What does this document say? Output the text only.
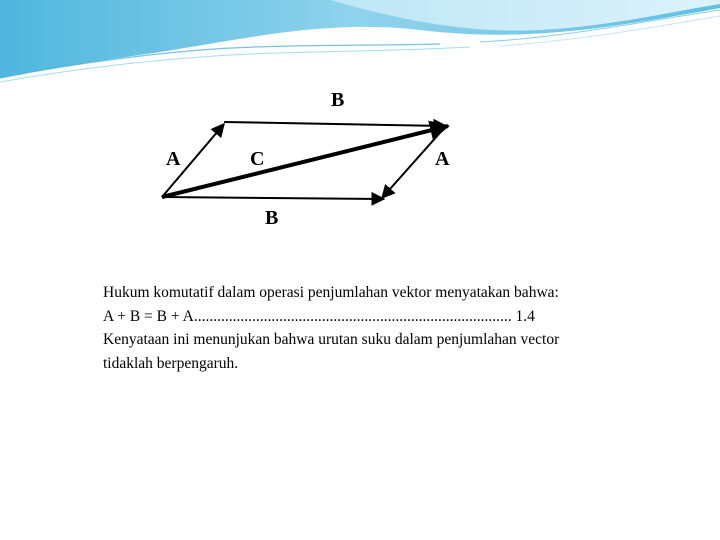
B
A	C	A
B
Hukum komutatif dalam operasi penjumlahan vektor menyatakan bahwa:
A + B = B + A.................................................................................. 1.4
Kenyataan ini menunjukan bahwa urutan suku dalam penjumlahan vector
tidaklah berpengaruh.
